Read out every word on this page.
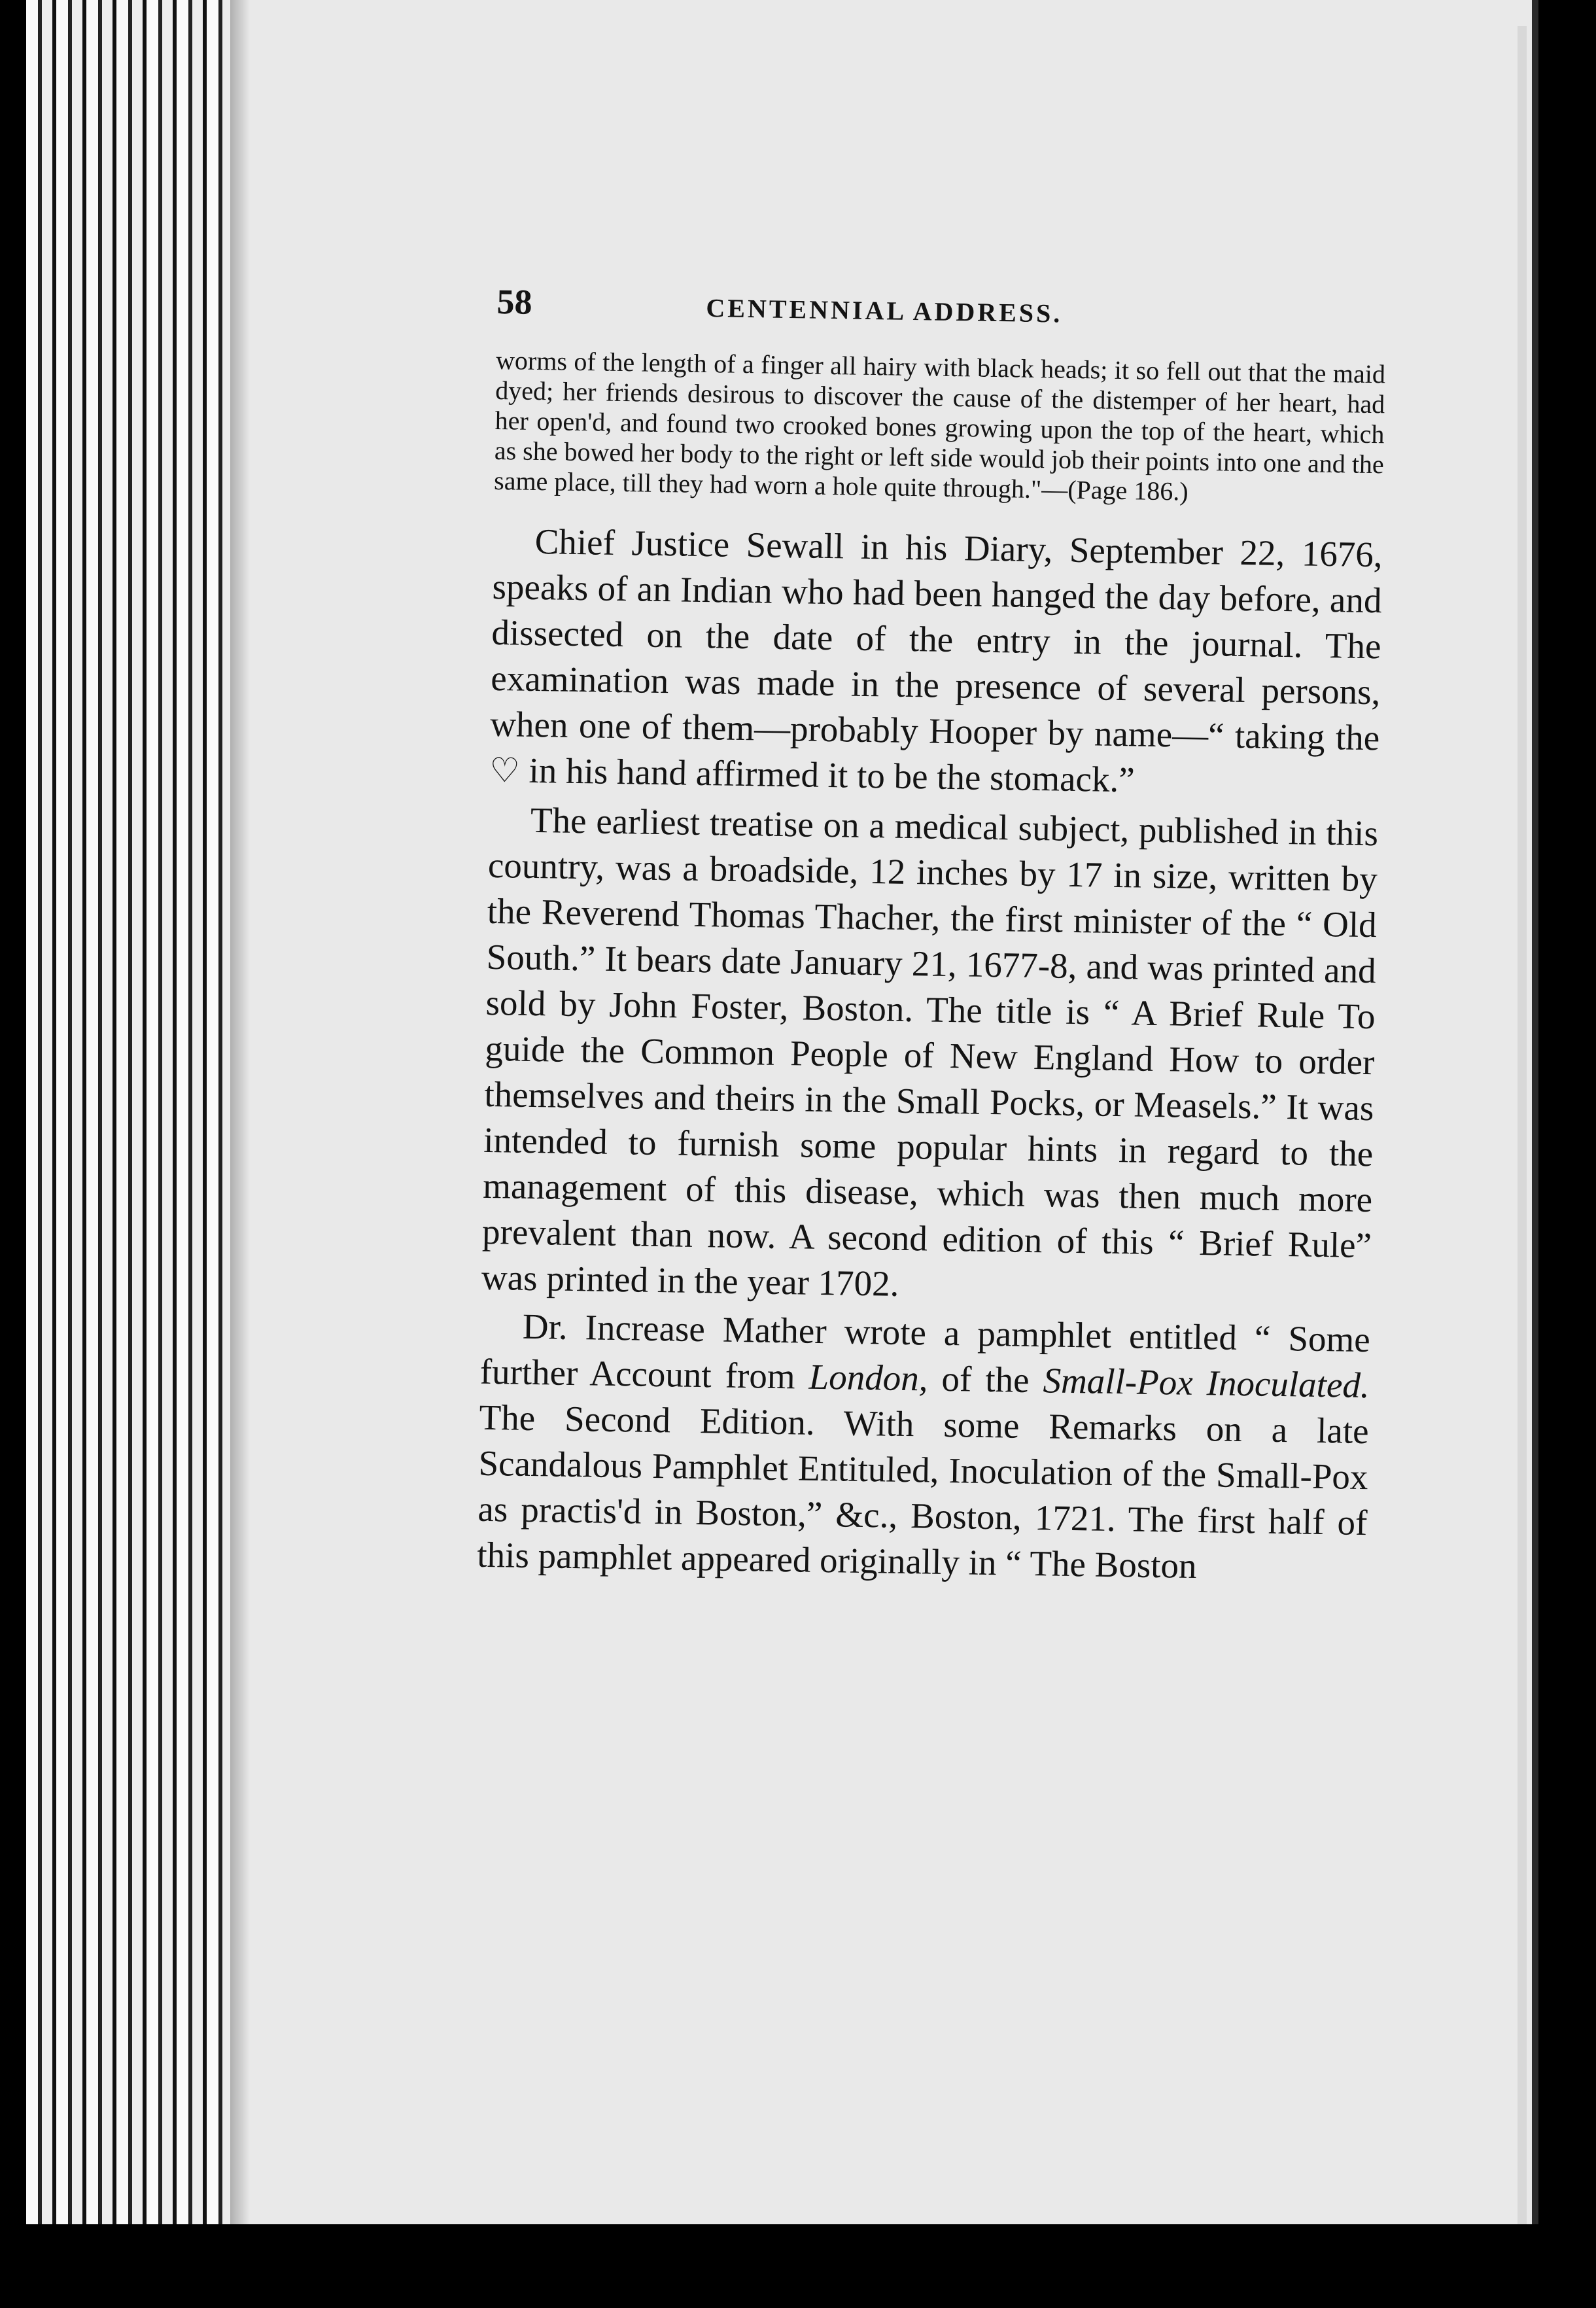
58	CENTENNIAL ADDRESS.

worms of the length of a finger all hairy with black heads; it so fell out that the maid dyed; her friends desirous to discover the cause of the distemper of her heart, had her open'd, and found two crooked bones growing upon the top of the heart, which as she bowed her body to the right or left side would job their points into one and the same place, till they had worn a hole quite through."—(Page 186.)

Chief Justice Sewall in his Diary, September 22, 1676, speaks of an Indian who had been hanged the day before, and dissected on the date of the entry in the journal. The examination was made in the presence of several persons, when one of them—probably Hooper by name—“ taking the ♡ in his hand affirmed it to be the stomack.”

The earliest treatise on a medical subject, published in this country, was a broadside, 12 inches by 17 in size, written by the Reverend Thomas Thacher, the first minister of the “ Old South.” It bears date January 21, 1677-8, and was printed and sold by John Foster, Boston. The title is “ A Brief Rule To guide the Common People of New England How to order themselves and theirs in the Small Pocks, or Measels.” It was intended to furnish some popular hints in regard to the management of this disease, which was then much more prevalent than now. A second edition of this “ Brief Rule” was printed in the year 1702.

Dr. Increase Mather wrote a pamphlet entitled “ Some further Account from London, of the Small-Pox Inoculated. The Second Edition. With some Remarks on a late Scandalous Pamphlet Entituled, Inoculation of the Small-Pox as practis'd in Boston,” &c., Boston, 1721. The first half of this pamphlet appeared originally in “ The Boston
